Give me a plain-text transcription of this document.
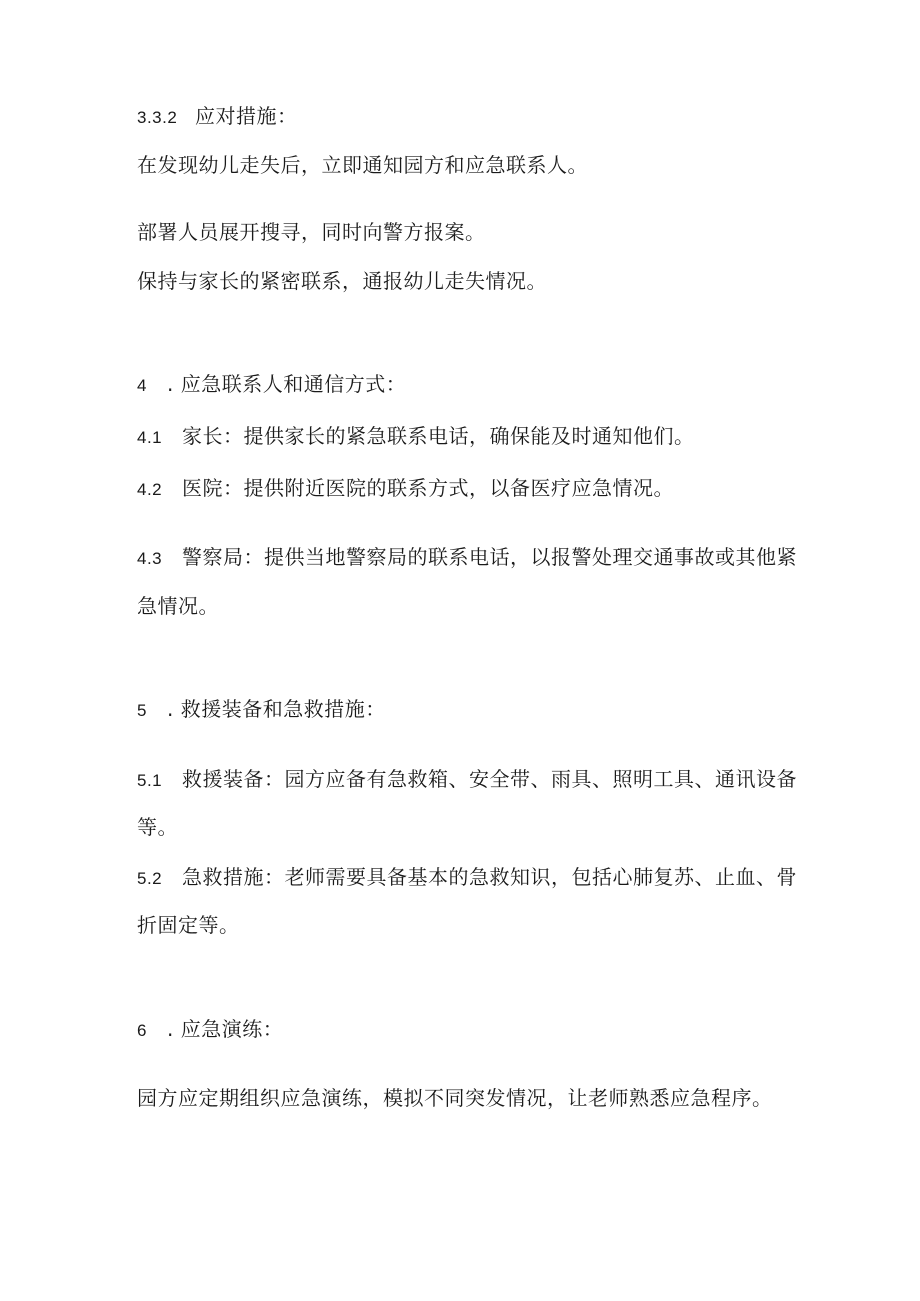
3.3.2 应对措施：
在发现幼儿走失后，立即通知园方和应急联系人。
部署人员展开搜寻，同时向警方报案。
保持与家长的紧密联系，通报幼儿走失情况。
4 . 应急联系人和通信方式：
4.1 家长：提供家长的紧急联系电话，确保能及时通知他们。
4.2 医院：提供附近医院的联系方式，以备医疗应急情况。
4.3 警察局：提供当地警察局的联系电话，以报警处理交通事故或其他紧
急情况。
5 . 救援装备和急救措施：
5.1 救援装备：园方应备有急救箱、安全带、雨具、照明工具、通讯设备
等。
5.2 急救措施：老师需要具备基本的急救知识，包括心肺复苏、止血、骨
折固定等。
6 . 应急演练：
园方应定期组织应急演练，模拟不同突发情况，让老师熟悉应急程序。
